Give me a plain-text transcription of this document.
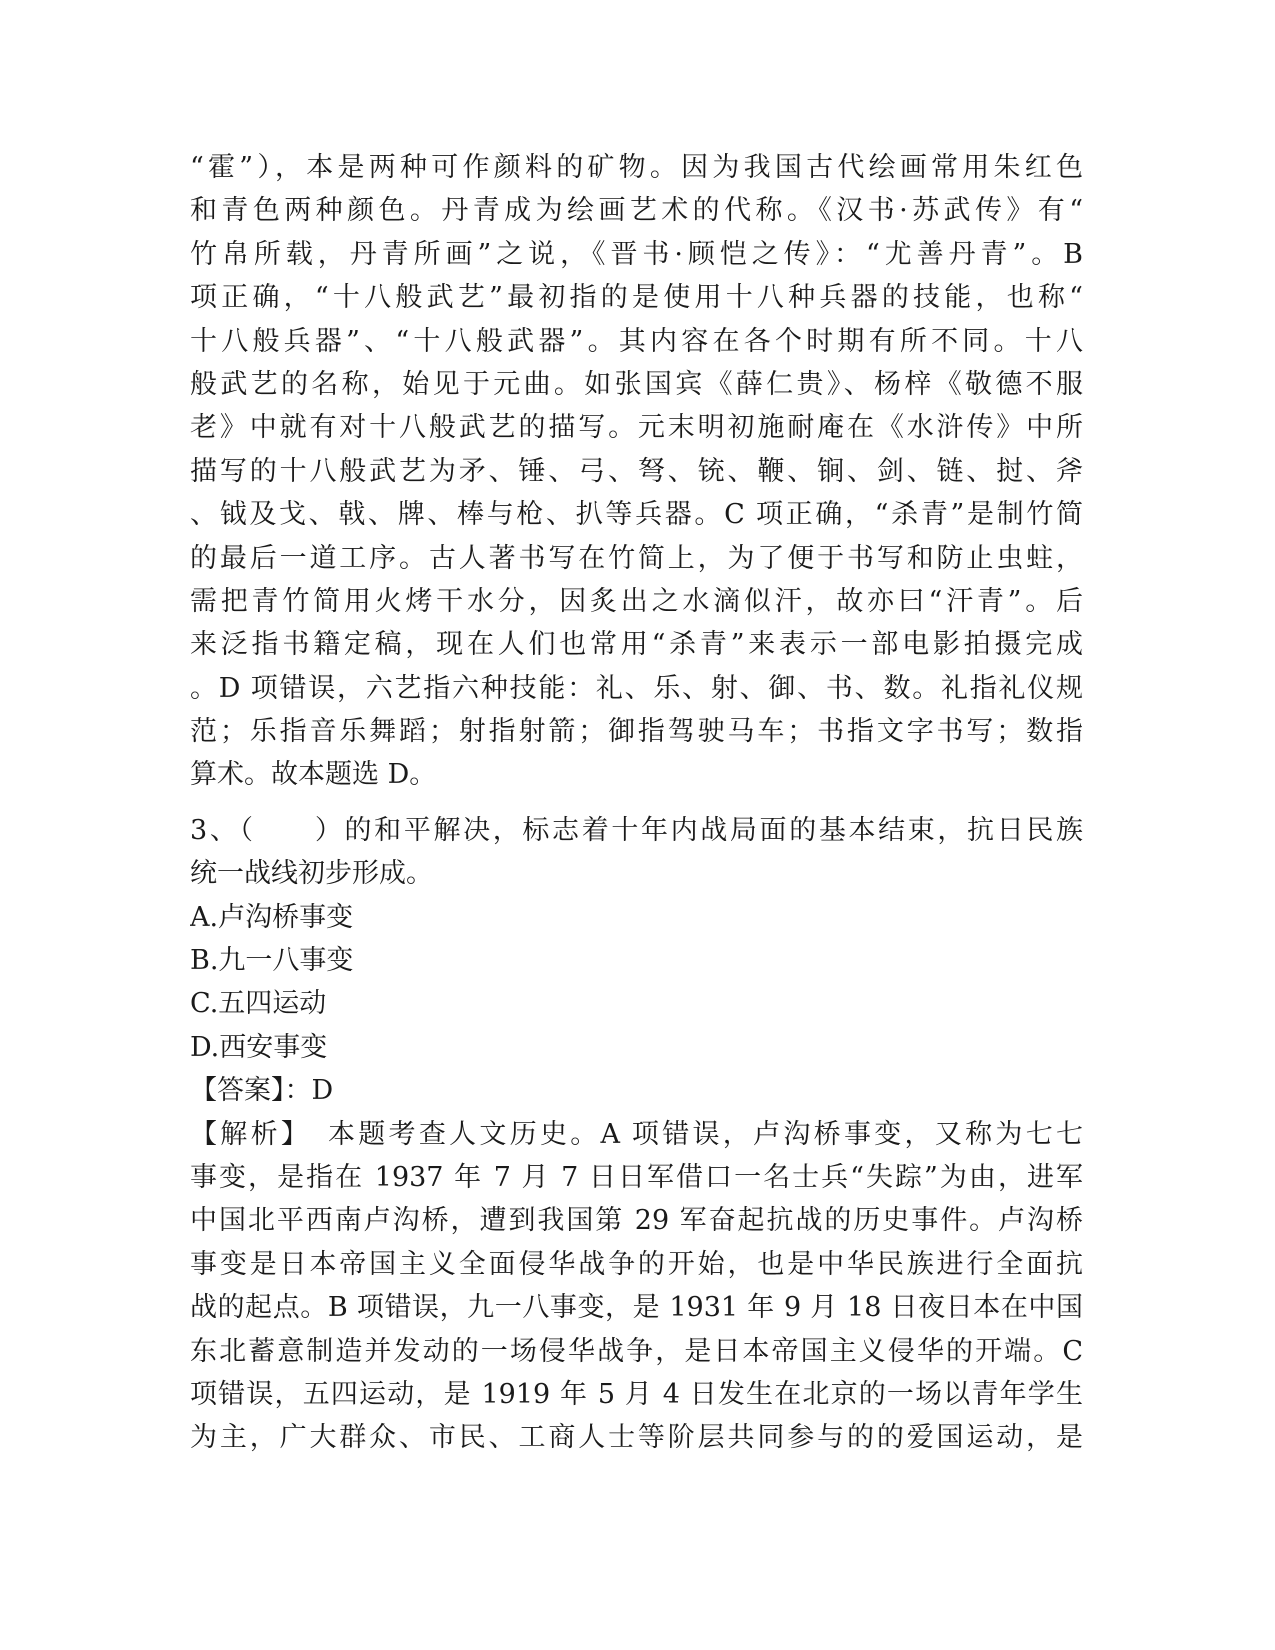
“霍”），本是两种可作颜料的矿物。因为我国古代绘画常用朱红色
和青色两种颜色。丹青成为绘画艺术的代称。《汉书·苏武传》有“
竹帛所载，丹青所画”之说，《晋书·顾恺之传》：“尤善丹青”。B
项正确，“十八般武艺”最初指的是使用十八种兵器的技能，也称“
十八般兵器”、“十八般武器”。其内容在各个时期有所不同。十八
般武艺的名称，始见于元曲。如张国宾《薛仁贵》、杨梓《敬德不服
老》中就有对十八般武艺的描写。元末明初施耐庵在《水浒传》中所
描写的十八般武艺为矛、锤、弓、弩、铳、鞭、锏、剑、链、挝、斧
、钺及戈、戟、牌、棒与枪、扒等兵器。C 项正确，“杀青”是制竹简
的最后一道工序。古人著书写在竹简上，为了便于书写和防止虫蛀，
需把青竹简用火烤干水分，因炙出之水滴似汗，故亦曰“汗青”。后
来泛指书籍定稿，现在人们也常用“杀青”来表示一部电影拍摄完成
。D 项错误，六艺指六种技能：礼、乐、射、御、书、数。礼指礼仪规
范；乐指音乐舞蹈；射指射箭；御指驾驶马车；书指文字书写；数指
算术。故本题选 D。
3、（　　）的和平解决，标志着十年内战局面的基本结束，抗日民族
统一战线初步形成。
A.卢沟桥事变
B.九一八事变
C.五四运动
D.西安事变
【答案】：D
【解析】　本题考查人文历史。A 项错误，卢沟桥事变，又称为七七
事变，是指在 1937 年 7 月 7 日日军借口一名士兵“失踪”为由，进军
中国北平西南卢沟桥，遭到我国第 29 军奋起抗战的历史事件。卢沟桥
事变是日本帝国主义全面侵华战争的开始，也是中华民族进行全面抗
战的起点。B 项错误，九一八事变，是 1931 年 9 月 18 日夜日本在中国
东北蓄意制造并发动的一场侵华战争，是日本帝国主义侵华的开端。C
项错误，五四运动，是 1919 年 5 月 4 日发生在北京的一场以青年学生
为主，广大群众、市民、工商人士等阶层共同参与的的爱国运动，是
